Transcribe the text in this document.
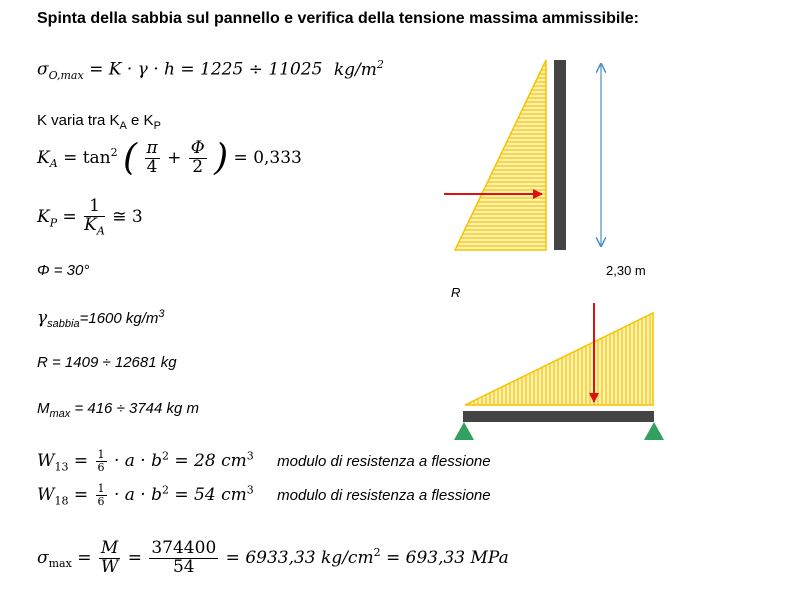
Spinta della sabbia sul pannello e verifica della tensione massima ammissibile:
$\sigma_{O,max} = K \cdot \gamma \cdot h = 1225 \div 11025$ $kg/m^2$
K varia tra $K_A$ e $K_P$
$K_A = \tan^2$ ( $\frac{\pi}{4} + \frac{\Phi}{2}$ ) = 0,333
$K_P = \frac{1}{K_A}$ ≅ 3
Φ = 30°
$\gamma_{sabbia}=1600$ $kg/m^3$
R = 1409 ÷ 12681 kg
$M_{max} = 416 \div 3744$ kg m
$W_{13} = \frac{1}{6} \cdot a \cdot b^2 = 28$ $cm^3$ modulo di resistenza a flessione
$W_{18} = \frac{1}{6} \cdot a \cdot b^2 = 54$ $cm^3$ modulo di resistenza a flessione
$\sigma_{max} = \frac{M}{W} = \frac{374400}{54} = 6933,33$ $kg/cm^2 = 693,33$ MPa
2,30 m
R
